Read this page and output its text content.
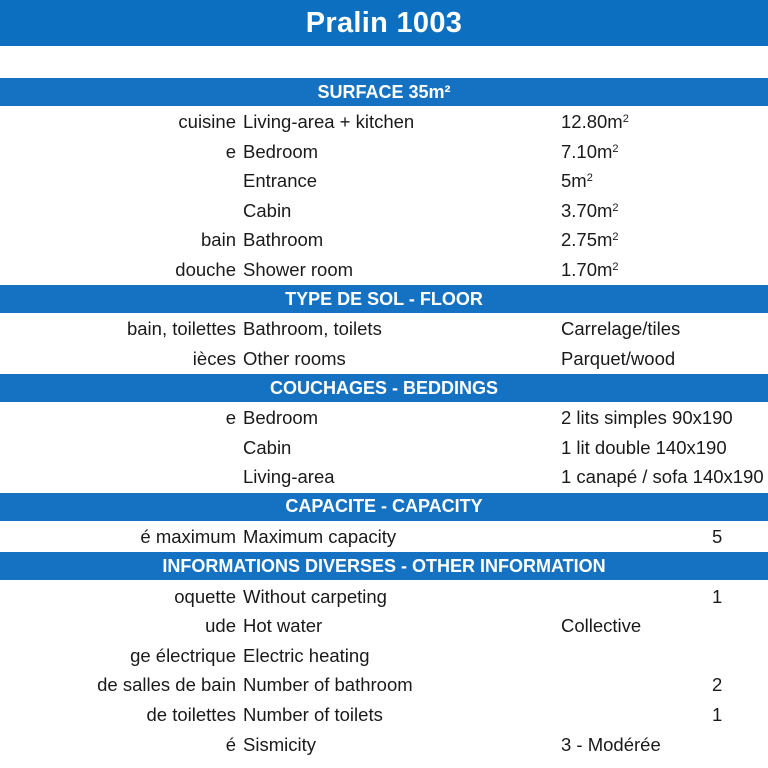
Pralin 1003
SURFACE 35m²
cuisine Living-area + kitchen	$12.80m^2$
e Bedroom	$7.10m^2$
Entrance	$5m^2$
Cabin	$3.70m^2$
bain Bathroom	$2.75m^2$
douche Shower room	$1.70m^2$
TYPE DE SOL - FLOOR
bain, toilettes Bathroom, toilets	Carrelage/tiles
ièces Other rooms	Parquet/wood
COUCHAGES - BEDDINGS
e Bedroom	2 lits simples 90x190
Cabin	1 lit double 140x190
Living-area	1 canapé / sofa 140x190
CAPACITE - CAPACITY
é maximum Maximum capacity	5
INFORMATIONS DIVERSES - OTHER INFORMATION
oquette Without carpeting	1
ude Hot water	Collective
ge électrique Electric heating
de salles de bain Number of bathroom	2
de toilettes Number of toilets	1
é Sismicity	3 - Modérée
